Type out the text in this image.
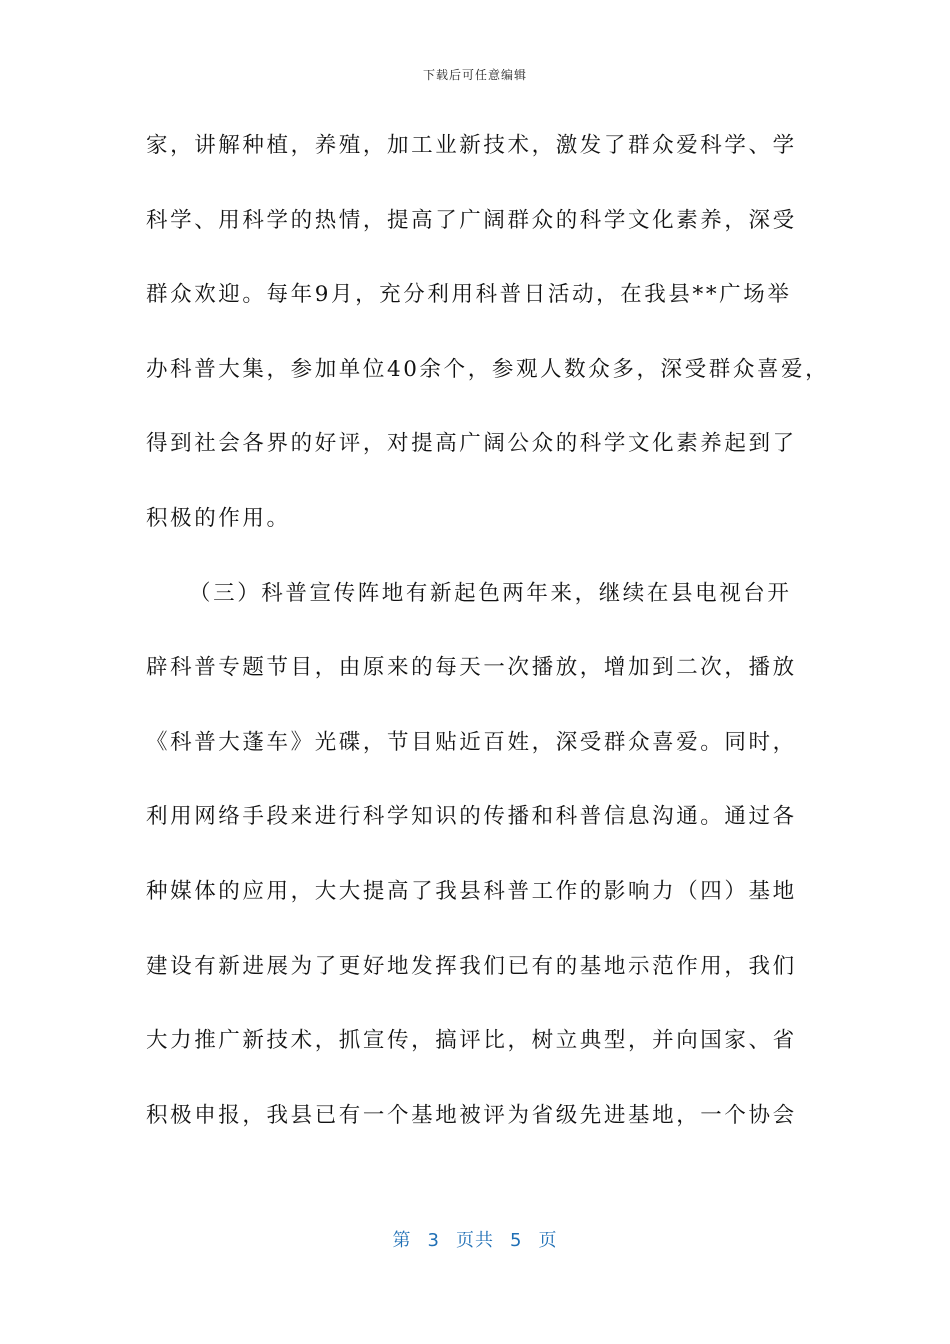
下载后可任意编辑
家，讲解种植，养殖，加工业新技术，激发了群众爱科学、学
科学、用科学的热情，提高了广阔群众的科学文化素养，深受
群众欢迎。每年9月，充分利用科普日活动，在我县**广场举
办科普大集，参加单位40余个，参观人数众多，深受群众喜爱，
得到社会各界的好评，对提高广阔公众的科学文化素养起到了
积极的作用。
（三）科普宣传阵地有新起色两年来，继续在县电视台开
辟科普专题节目，由原来的每天一次播放，增加到二次，播放
《科普大蓬车》光碟，节目贴近百姓，深受群众喜爱。同时，
利用网络手段来进行科学知识的传播和科普信息沟通。通过各
种媒体的应用，大大提高了我县科普工作的影响力（四）基地
建设有新进展为了更好地发挥我们已有的基地示范作用，我们
大力推广新技术，抓宣传，搞评比，树立典型，并向国家、省
积极申报，我县已有一个基地被评为省级先进基地，一个协会
第 3 页共 5 页
